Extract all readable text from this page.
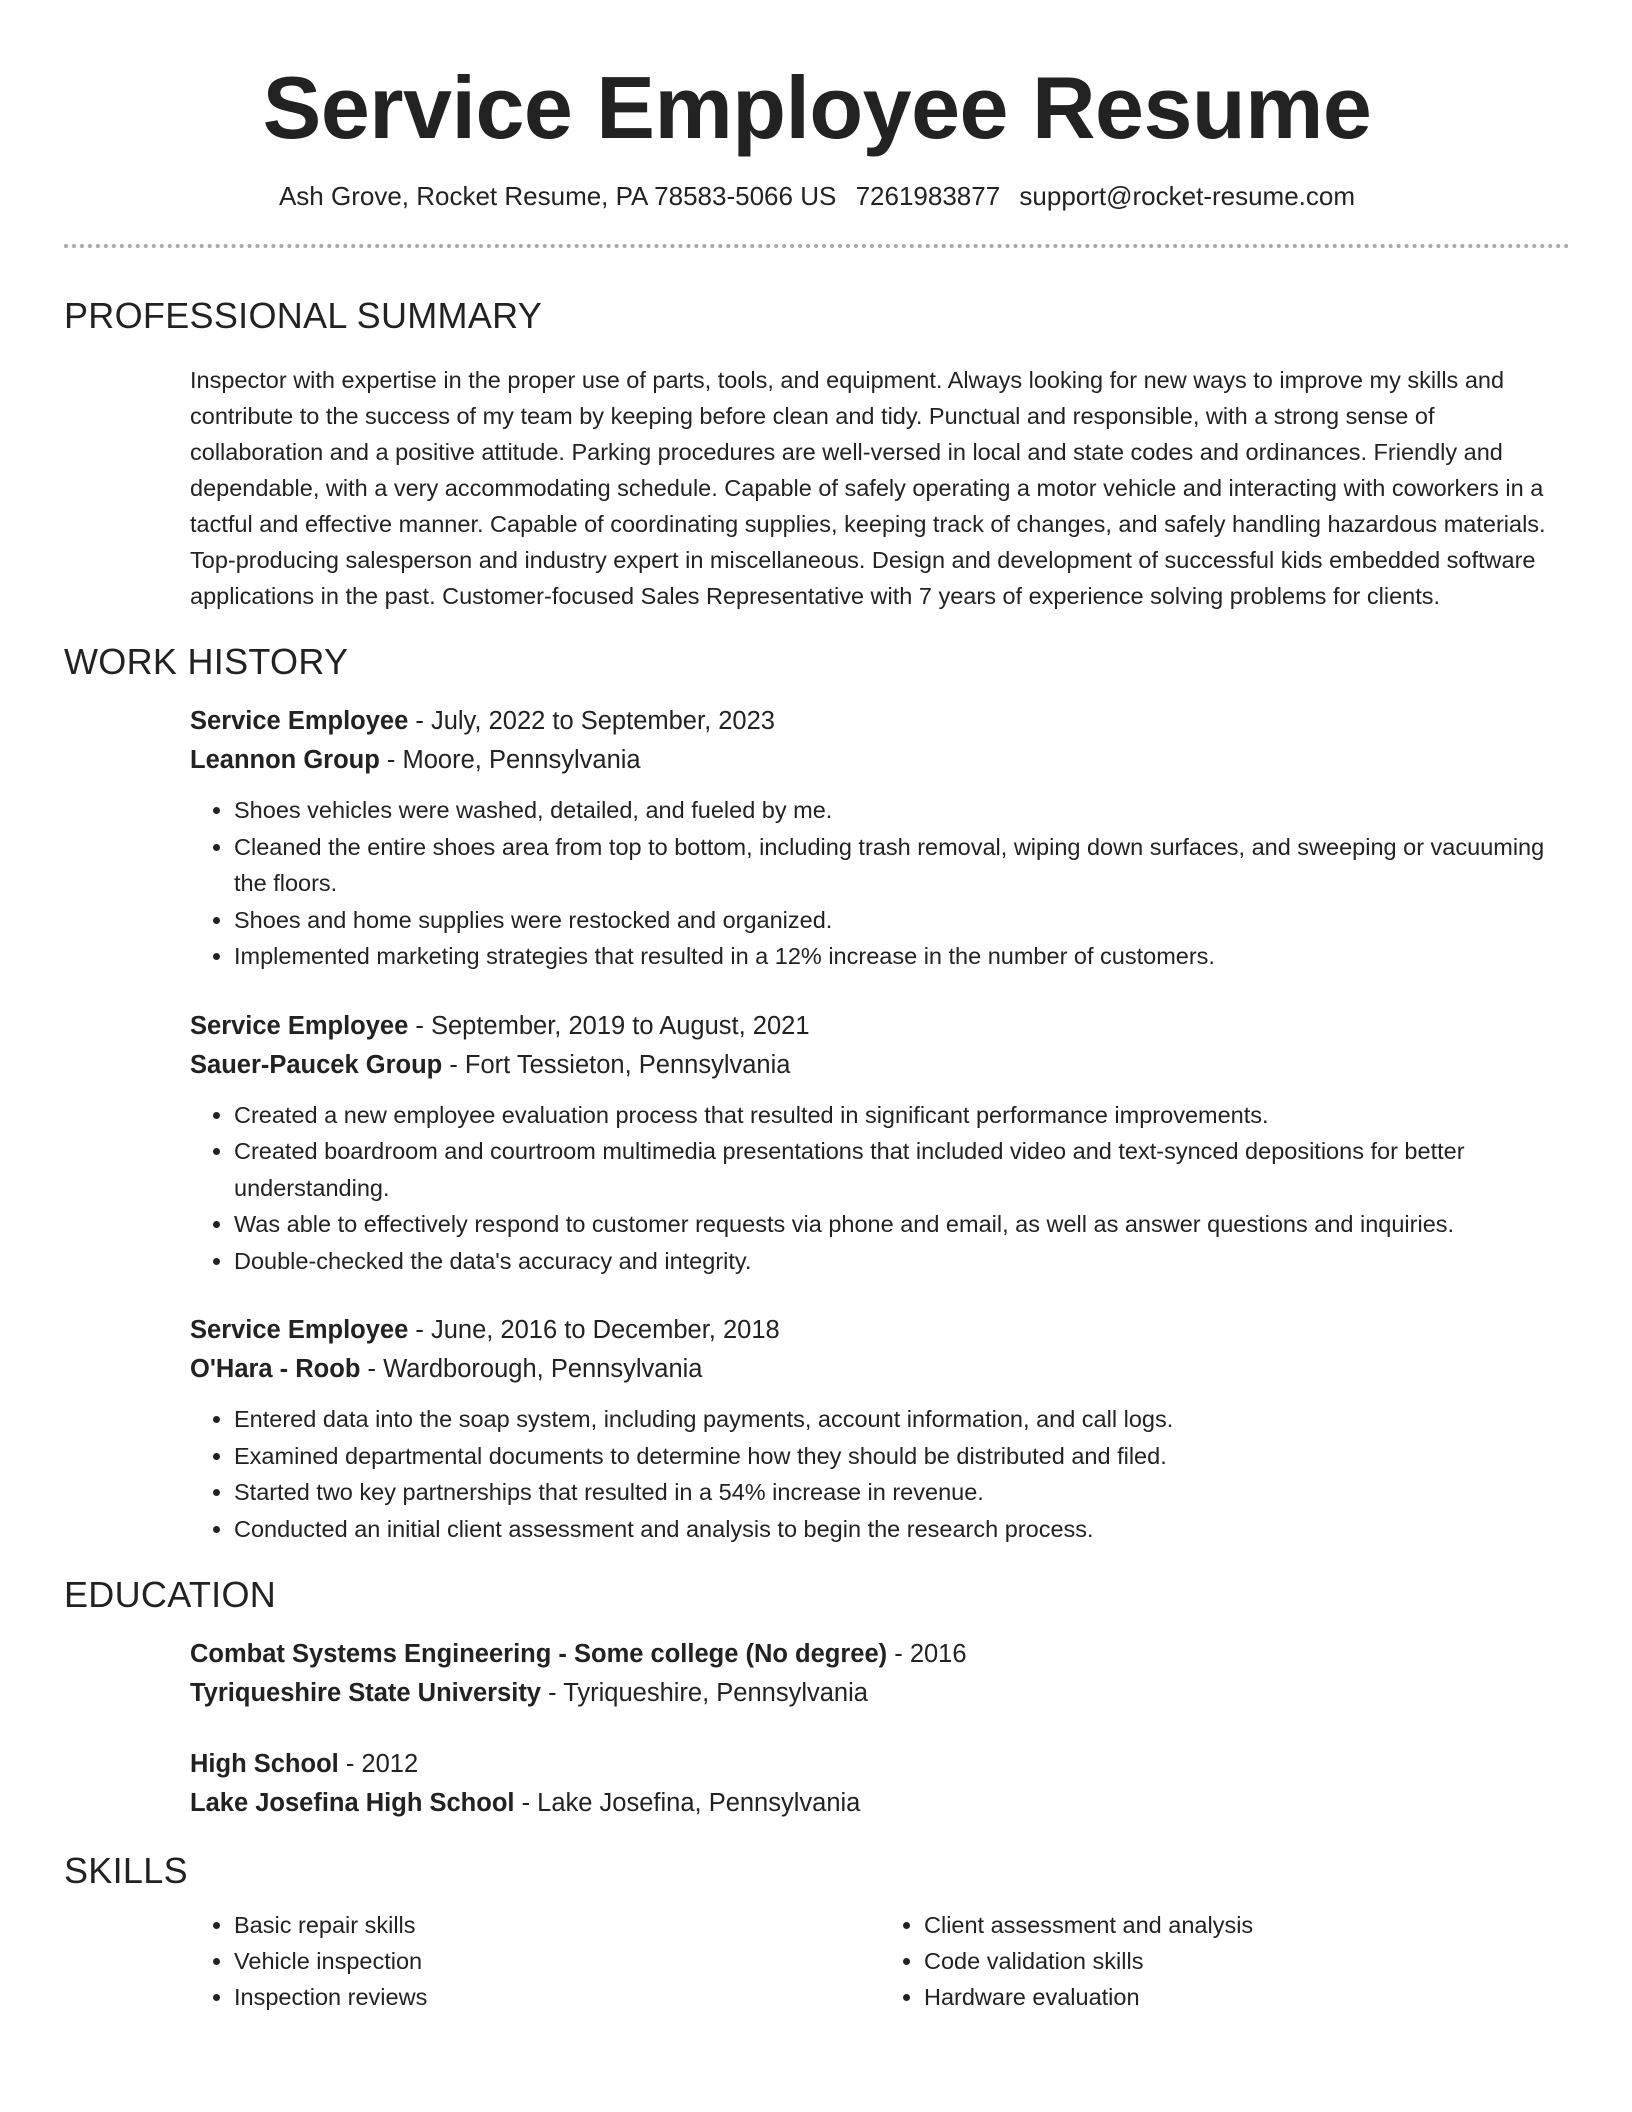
Service Employee Resume
Ash Grove, Rocket Resume, PA 78583-5066 US 7261983877 support@rocket-resume.com
PROFESSIONAL SUMMARY
Inspector with expertise in the proper use of parts, tools, and equipment. Always looking for new ways to improve my skills and contribute to the success of my team by keeping before clean and tidy. Punctual and responsible, with a strong sense of collaboration and a positive attitude. Parking procedures are well-versed in local and state codes and ordinances. Friendly and dependable, with a very accommodating schedule. Capable of safely operating a motor vehicle and interacting with coworkers in a tactful and effective manner. Capable of coordinating supplies, keeping track of changes, and safely handling hazardous materials. Top-producing salesperson and industry expert in miscellaneous. Design and development of successful kids embedded software applications in the past. Customer-focused Sales Representative with 7 years of experience solving problems for clients.
WORK HISTORY
Service Employee - July, 2022 to September, 2023
Leannon Group - Moore, Pennsylvania
• Shoes vehicles were washed, detailed, and fueled by me.
• Cleaned the entire shoes area from top to bottom, including trash removal, wiping down surfaces, and sweeping or vacuuming the floors.
• Shoes and home supplies were restocked and organized.
• Implemented marketing strategies that resulted in a 12% increase in the number of customers.
Service Employee - September, 2019 to August, 2021
Sauer-Paucek Group - Fort Tessieton, Pennsylvania
• Created a new employee evaluation process that resulted in significant performance improvements.
• Created boardroom and courtroom multimedia presentations that included video and text-synced depositions for better understanding.
• Was able to effectively respond to customer requests via phone and email, as well as answer questions and inquiries.
• Double-checked the data's accuracy and integrity.
Service Employee - June, 2016 to December, 2018
O'Hara - Roob - Wardborough, Pennsylvania
• Entered data into the soap system, including payments, account information, and call logs.
• Examined departmental documents to determine how they should be distributed and filed.
• Started two key partnerships that resulted in a 54% increase in revenue.
• Conducted an initial client assessment and analysis to begin the research process.
EDUCATION
Combat Systems Engineering - Some college (No degree) - 2016
Tyriqueshire State University - Tyriqueshire, Pennsylvania
High School - 2012
Lake Josefina High School - Lake Josefina, Pennsylvania
SKILLS
• Basic repair skills
• Vehicle inspection
• Inspection reviews
• Client assessment and analysis
• Code validation skills
• Hardware evaluation
